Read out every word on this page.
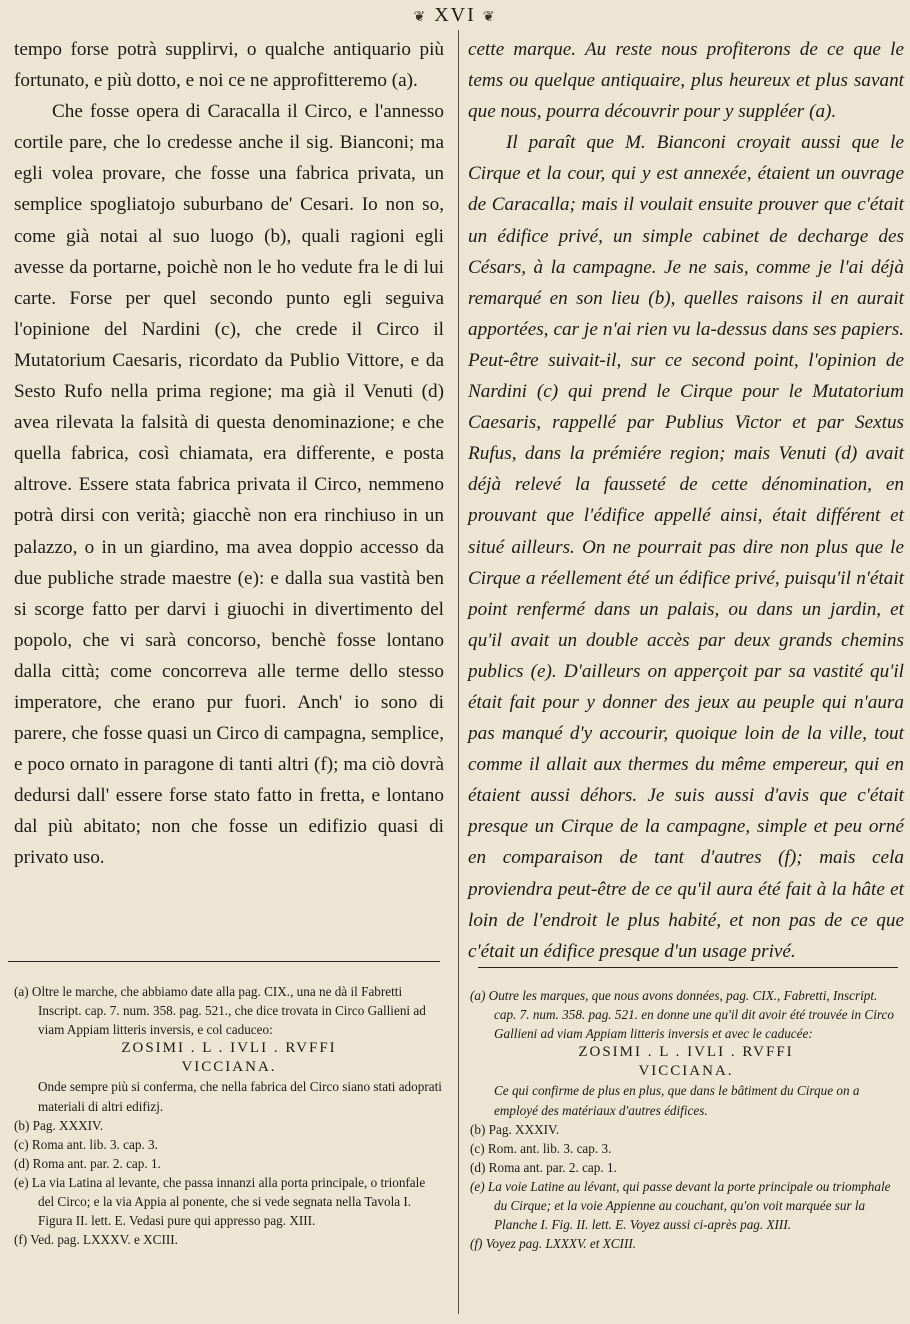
❦ XVI ❦

tempo forse potrà supplirvi, o qualche antiquario più fortunato, e più dotto, e noi ce ne approfitteremo (a).

Che fosse opera di Caracalla il Circo, e l'annesso cortile pare, che lo credesse anche il sig. Bianconi; ma egli volea provare, che fosse una fabrica privata, un semplice spogliatojo suburbano de' Cesari. Io non so, come già notai al suo luogo (b), quali ragioni egli avesse da portarne, poichè non le ho vedute fra le di lui carte. Forse per quel secondo punto egli seguiva l'opinione del Nardini (c), che crede il Circo il Mutatorium Caesaris, ricordato da Publio Vittore, e da Sesto Rufo nella prima regione; ma già il Venuti (d) avea rilevata la falsità di questa denominazione; e che quella fabrica, così chiamata, era differente, e posta altrove. Essere stata fabrica privata il Circo, nemmeno potrà dirsi con verità; giacchè non era rinchiuso in un palazzo, o in un giardino, ma avea doppio accesso da due publiche strade maestre (e): e dalla sua vastità ben si scorge fatto per darvi i giuochi in divertimento del popolo, che vi sarà concorso, benchè fosse lontano dalla città; come concorreva alle terme dello stesso imperatore, che erano pur fuori. Anch' io sono di parere, che fosse quasi un Circo di campagna, semplice, e poco ornato in paragone di tanti altri (f); ma ciò dovrà dedursi dall' essere forse stato fatto in fretta, e lontano dal più abitato; non che fosse un edifizio quasi di privato uso.

cette marque. Au reste nous profiterons de ce que le tems ou quelque antiquaire, plus heureux et plus savant que nous, pourra découvrir pour y suppléer (a).

Il paraît que M. Bianconi croyait aussi que le Cirque et la cour, qui y est annexée, étaient un ouvrage de Caracalla; mais il voulait ensuite prouver que c'était un édifice privé, un simple cabinet de decharge des Césars, à la campagne. Je ne sais, comme je l'ai déjà remarqué en son lieu (b), quelles raisons il en aurait apportées, car je n'ai rien vu la-dessus dans ses papiers. Peut-être suivait-il, sur ce second point, l'opinion de Nardini (c) qui prend le Cirque pour le Mutatorium Caesaris, rappellé par Publius Victor et par Sextus Rufus, dans la prémiére region; mais Venuti (d) avait déjà relevé la fausseté de cette dénomination, en prouvant que l'édifice appellé ainsi, était différent et situé ailleurs. On ne pourrait pas dire non plus que le Cirque a réellement été un édifice privé, puisqu'il n'était point renfermé dans un palais, ou dans un jardin, et qu'il avait un double accès par deux grands chemins publics (e). D'ailleurs on apperçoit par sa vastité qu'il était fait pour y donner des jeux au peuple qui n'aura pas manqué d'y accourir, quoique loin de la ville, tout comme il allait aux thermes du même empereur, qui en étaient aussi déhors. Je suis aussi d'avis que c'était presque un Cirque de la campagne, simple et peu orné en comparaison de tant d'autres (f); mais cela proviendra peut-être de ce qu'il aura été fait à la hâte et loin de l'endroit le plus habité, et non pas de ce que c'était un édifice presque d'un usage privé.

(a) Oltre le marche, che abbiamo date alla pag. CIX., una ne dà il Fabretti Inscript. cap. 7. num. 358. pag. 521., che dice trovata in Circo Gallieni ad viam Appiam litteris inversis, e col caduceo:

ZOSIMI . L . IVLI . RVFFI

VICCIANA.

Onde sempre più si conferma, che nella fabrica del Circo siano stati adoprati materiali di altri edifizj.

(b) Pag. XXXIV.

(c) Roma ant. lib. 3. cap. 3.

(d) Roma ant. par. 2. cap. 1.

(e) La via Latina al levante, che passa innanzi alla porta principale, o trionfale del Circo; e la via Appia al ponente, che si vede segnata nella Tavola I. Figura II. lett. E. Vedasi pure qui appresso pag. XIII.

(f) Ved. pag. LXXXV. e XCIII.

(a) Outre les marques, que nous avons données, pag. CIX., Fabretti, Inscript. cap. 7. num. 358. pag. 521. en donne une qu'il dit avoir été trouvée in Circo Gallieni ad viam Appiam litteris inversis et avec le caducée:

ZOSIMI . L . IVLI . RVFFI

VICCIANA.

Ce qui confirme de plus en plus, que dans le bâtiment du Cirque on a employé des matériaux d'autres édifices.

(b) Pag. XXXIV.

(c) Rom. ant. lib. 3. cap. 3.

(d) Roma ant. par. 2. cap. 1.

(e) La voie Latine au lévant, qui passe devant la porte principale ou triomphale du Cirque; et la voie Appienne au couchant, qu'on voit marquée sur la Planche I. Fig. II. lett. E. Voyez aussi ci-après pag. XIII.

(f) Voyez pag. LXXXV. et XCIII.
